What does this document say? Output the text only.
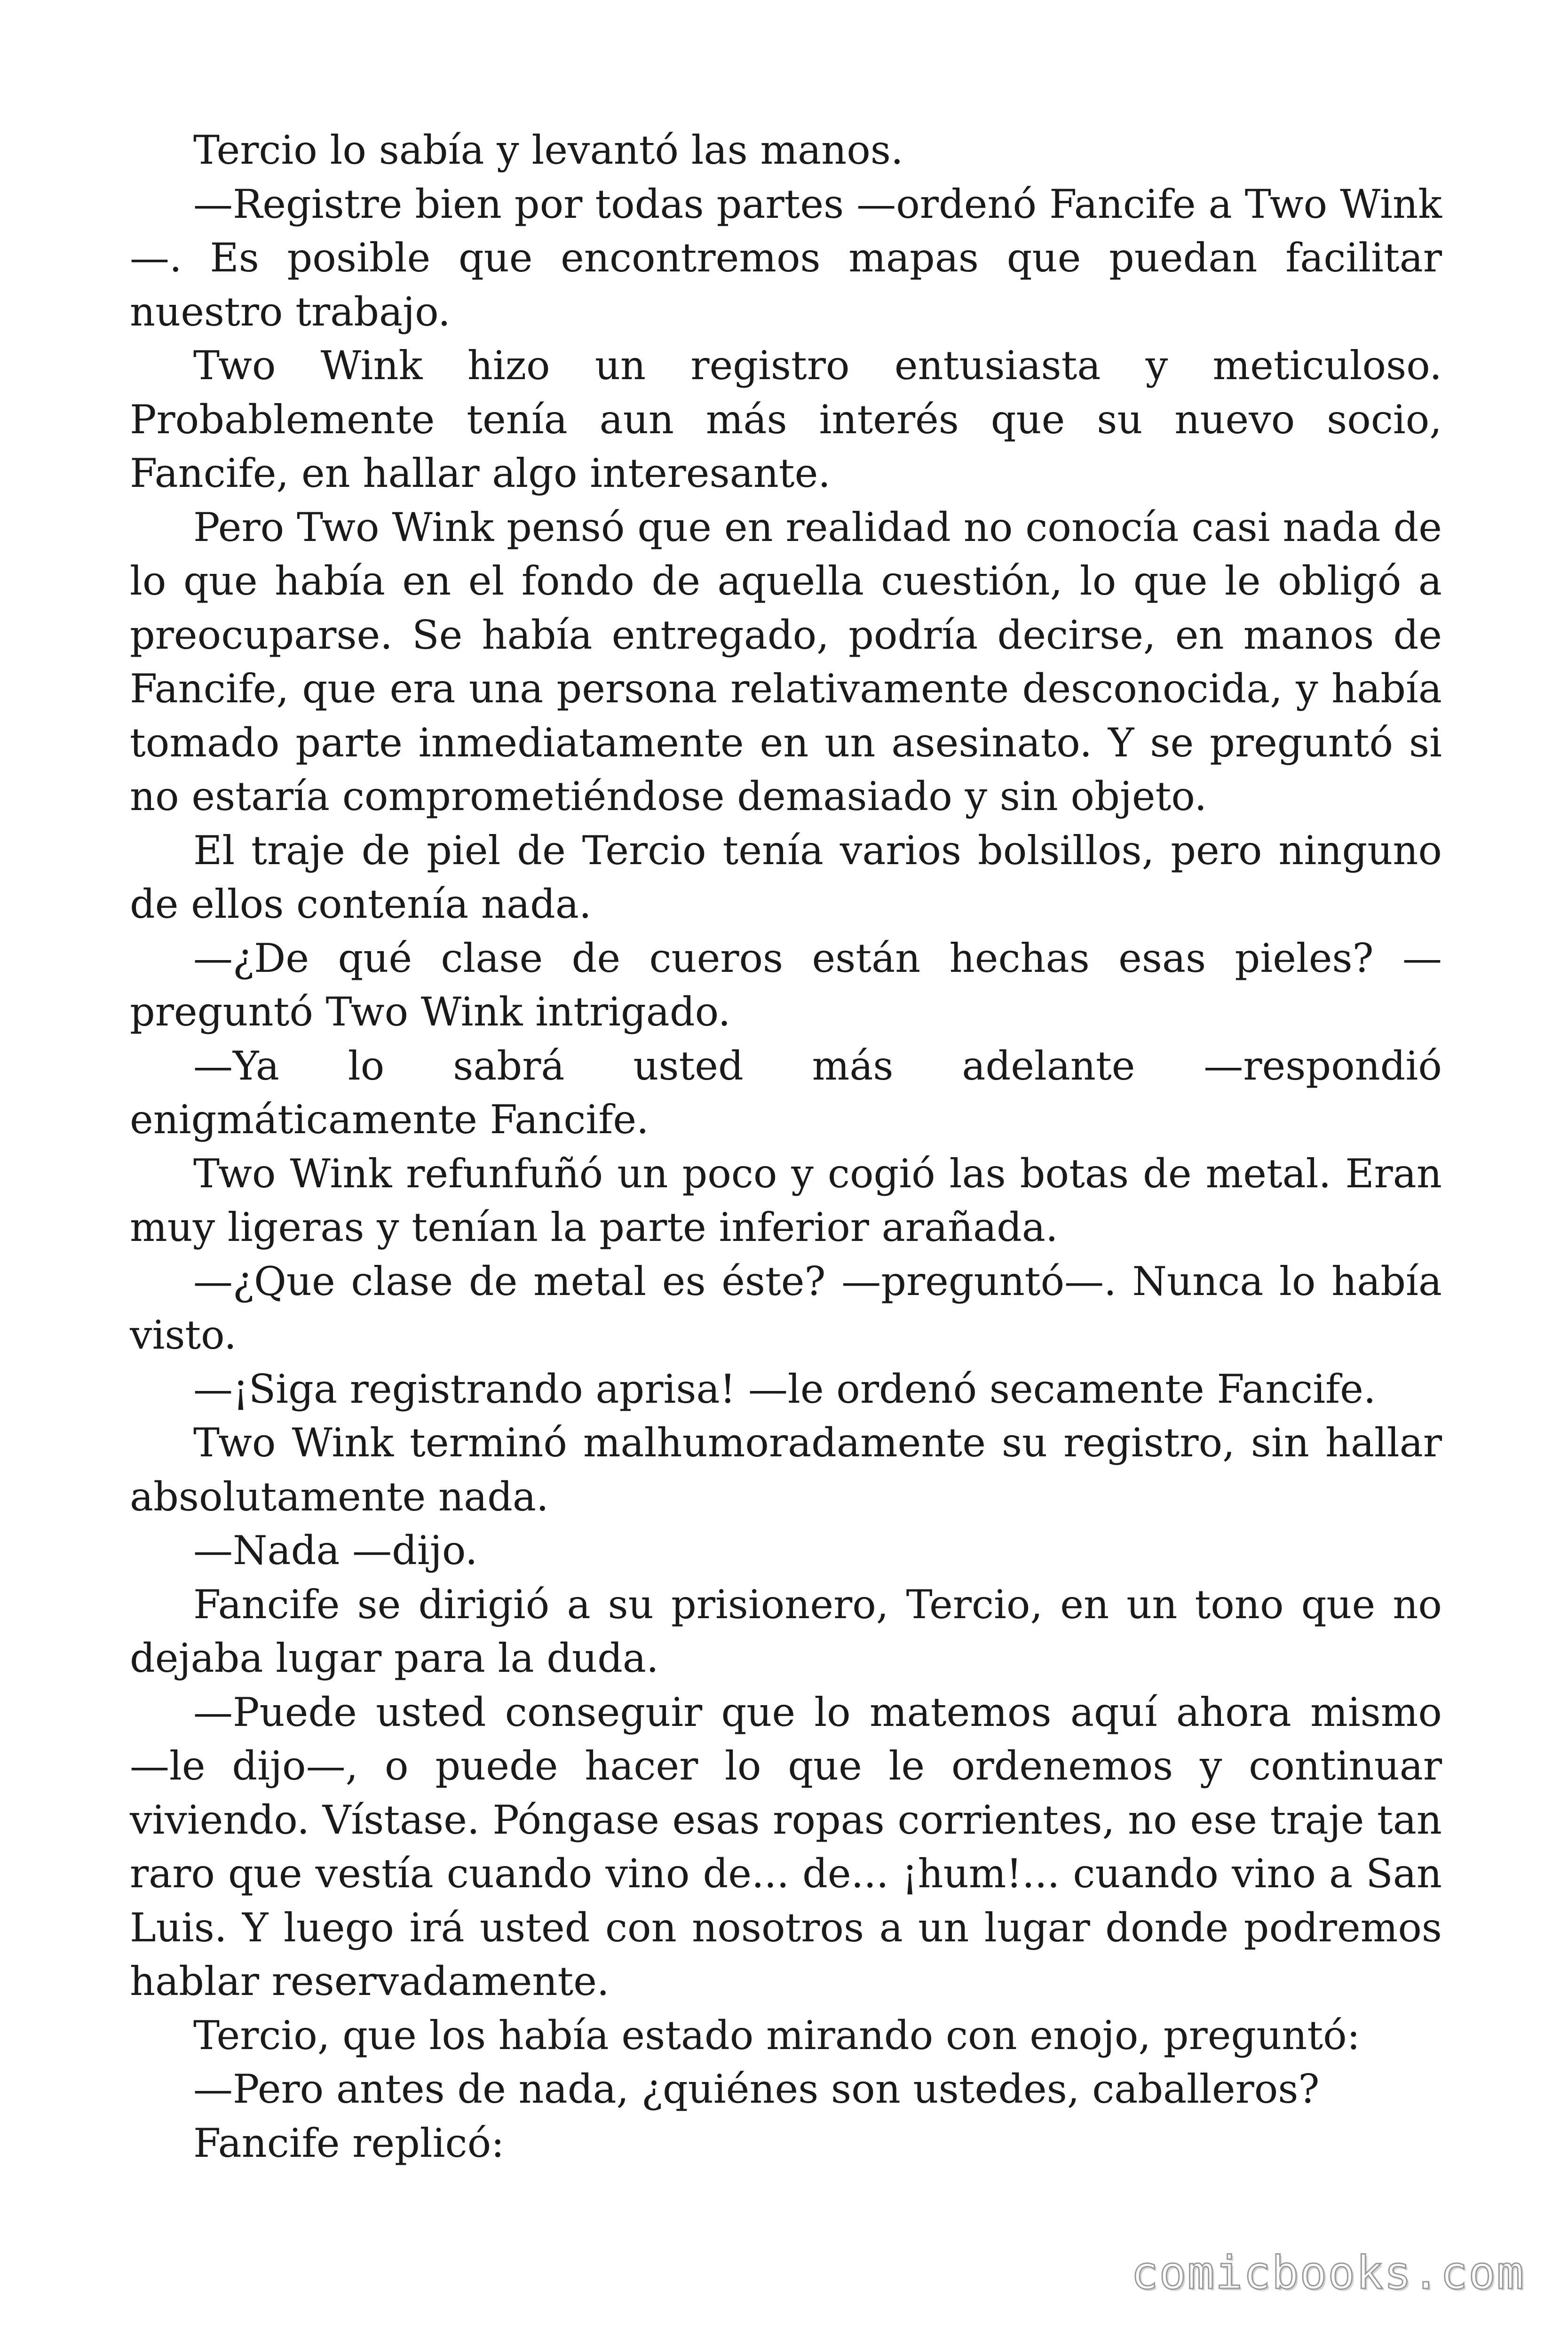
Tercio lo sabía y levantó las manos.

—Registre bien por todas partes —ordenó Fancife a Two Wink —. Es posible que encontremos mapas que puedan facilitar nuestro trabajo.

Two Wink hizo un registro entusiasta y meticuloso. Probablemente tenía aun más interés que su nuevo socio, Fancife, en hallar algo interesante.

Pero Two Wink pensó que en realidad no conocía casi nada de lo que había en el fondo de aquella cuestión, lo que le obligó a preocuparse. Se había entregado, podría decirse, en manos de Fancife, que era una persona relativamente desconocida, y había tomado parte inmediatamente en un asesinato. Y se preguntó si no estaría comprometiéndose demasiado y sin objeto.

El traje de piel de Tercio tenía varios bolsillos, pero ninguno de ellos contenía nada.

—¿De qué clase de cueros están hechas esas pieles? —preguntó Two Wink intrigado.

—Ya lo sabrá usted más adelante —respondió enigmáticamente Fancife.

Two Wink refunfuñó un poco y cogió las botas de metal. Eran muy ligeras y tenían la parte inferior arañada.

—¿Que clase de metal es éste? —preguntó—. Nunca lo había visto.

—¡Siga registrando aprisa! —le ordenó secamente Fancife.

Two Wink terminó malhumoradamente su registro, sin hallar absolutamente nada.

—Nada —dijo.

Fancife se dirigió a su prisionero, Tercio, en un tono que no dejaba lugar para la duda.

—Puede usted conseguir que lo matemos aquí ahora mismo —le dijo—, o puede hacer lo que le ordenemos y continuar viviendo. Vístase. Póngase esas ropas corrientes, no ese traje tan raro que vestía cuando vino de... de... ¡hum!... cuando vino a San Luis. Y luego irá usted con nosotros a un lugar donde podremos hablar reservadamente.

Tercio, que los había estado mirando con enojo, preguntó:

—Pero antes de nada, ¿quiénes son ustedes, caballeros?

Fancife replicó:

comicbooks.com
